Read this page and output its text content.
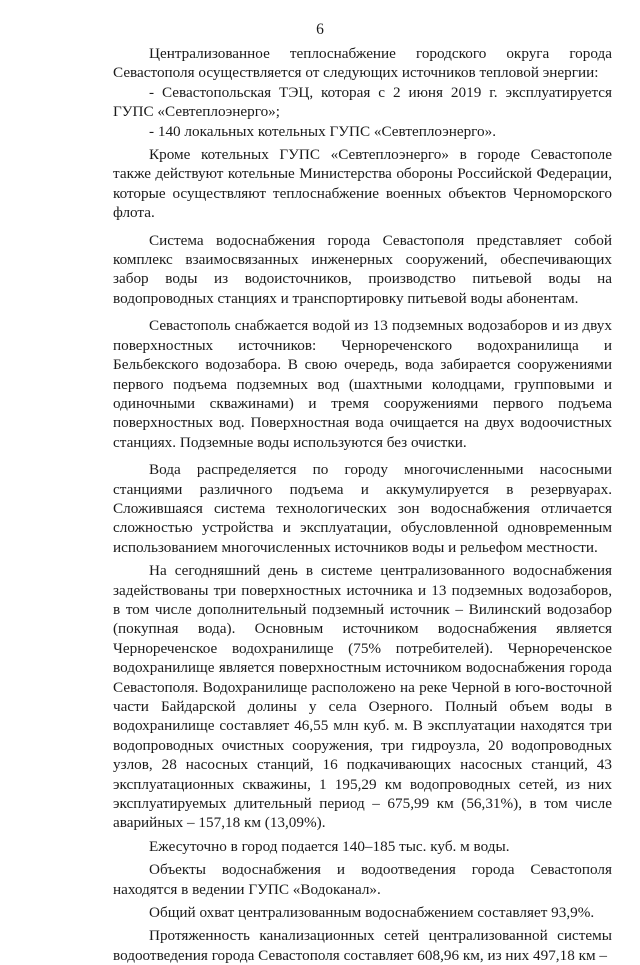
6

Централизованное теплоснабжение городского округа города Севастополя осуществляется от следующих источников тепловой энергии:

- Севастопольская ТЭЦ, которая с 2 июня 2019 г. эксплуатируется ГУПС «Севтеплоэнерго»;

- 140 локальных котельных ГУПС «Севтеплоэнерго».

Кроме котельных ГУПС «Севтеплоэнерго» в городе Севастополе также действуют котельные Министерства обороны Российской Федерации, которые осуществляют теплоснабжение военных объектов Черноморского флота.

Система водоснабжения города Севастополя представляет собой комплекс взаимосвязанных инженерных сооружений, обеспечивающих забор воды из водоисточников, производство питьевой воды на водопроводных станциях и транспортировку питьевой воды абонентам.

Севастополь снабжается водой из 13 подземных водозаборов и из двух поверхностных источников: Чернореченского водохранилища и Бельбекского водозабора. В свою очередь, вода забирается сооружениями первого подъема подземных вод (шахтными колодцами, групповыми и одиночными скважинами) и тремя сооружениями первого подъема поверхностных вод. Поверхностная вода очищается на двух водоочистных станциях. Подземные воды используются без очистки.

Вода распределяется по городу многочисленными насосными станциями различного подъема и аккумулируется в резервуарах. Сложившаяся система технологических зон водоснабжения отличается сложностью устройства и эксплуатации, обусловленной одновременным использованием многочисленных источников воды и рельефом местности.

На сегодняшний день в системе централизованного водоснабжения задействованы три поверхностных источника и 13 подземных водозаборов, в том числе дополнительный подземный источник – Вилинский водозабор (покупная вода). Основным источником водоснабжения является Чернореченское водохранилище (75% потребителей). Чернореченское водохранилище является поверхностным источником водоснабжения города Севастополя. Водохранилище расположено на реке Черной в юго-восточной части Байдарской долины у села Озерного. Полный объем воды в водохранилище составляет 46,55 млн куб. м. В эксплуатации находятся три водопроводных очистных сооружения, три гидроузла, 20 водопроводных узлов, 28 насосных станций, 16 подкачивающих насосных станций, 43 эксплуатационных скважины, 1 195,29 км водопроводных сетей, из них эксплуатируемых длительный период – 675,99 км (56,31%), в том числе аварийных – 157,18 км (13,09%).

Ежесуточно в город подается 140–185 тыс. куб. м воды.

Объекты водоснабжения и водоотведения города Севастополя находятся в ведении ГУПС «Водоканал».

Общий охват централизованным водоснабжением составляет 93,9%.

Протяженность канализационных сетей централизованной системы водоотведения города Севастополя составляет 608,96 км, из них 497,18 км –
